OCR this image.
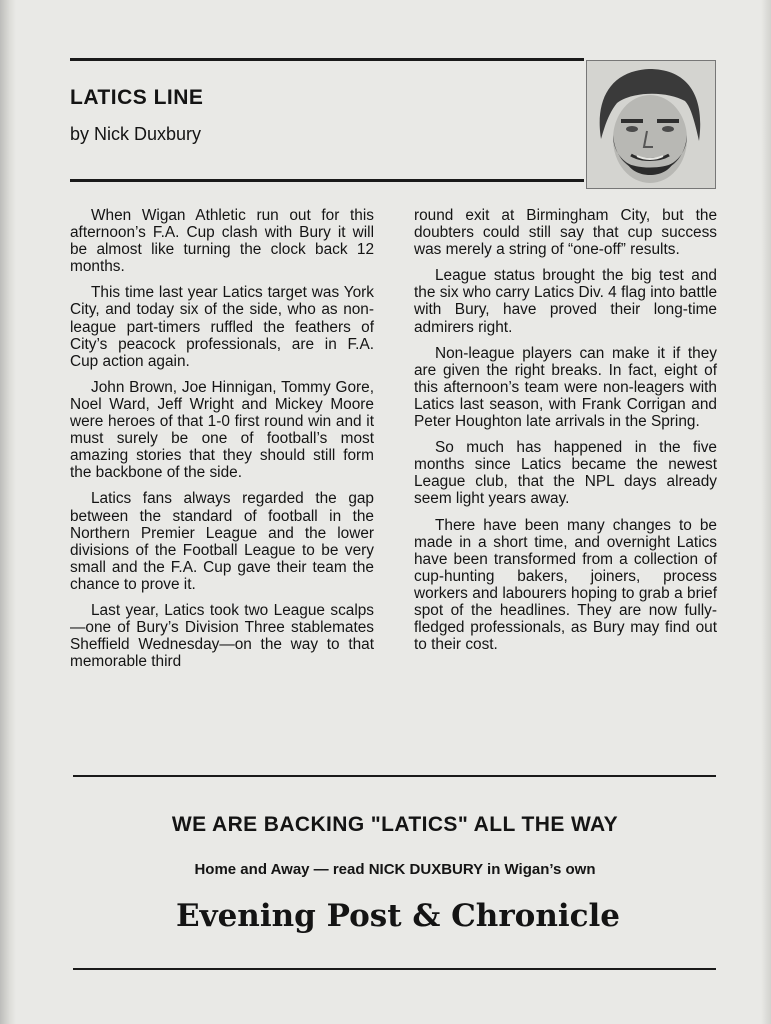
LATICS LINE

by Nick Duxbury

When Wigan Athletic run out for this afternoon’s F.A. Cup clash with Bury it will be almost like turning the clock back 12 months.

This time last year Latics target was York City, and today six of the side, who as non-league part-timers ruffled the feathers of City’s peacock professionals, are in F.A. Cup action again.

John Brown, Joe Hinnigan, Tommy Gore, Noel Ward, Jeff Wright and Mickey Moore were heroes of that 1-0 first round win and it must surely be one of football’s most amazing stories that they should still form the backbone of the side.

Latics fans always regarded the gap between the standard of football in the Northern Premier League and the lower divisions of the Football League to be very small and the F.A. Cup gave their team the chance to prove it.

Last year, Latics took two League scalps—one of Bury’s Division Three stablemates Sheffield Wednesday—on the way to that memorable third

round exit at Birmingham City, but the doubters could still say that cup success was merely a string of “one-off” results.

League status brought the big test and the six who carry Latics Div. 4 flag into battle with Bury, have proved their long-time admirers right.

Non-league players can make it if they are given the right breaks. In fact, eight of this afternoon’s team were non-leagers with Latics last season, with Frank Corrigan and Peter Houghton late arrivals in the Spring.

So much has happened in the five months since Latics became the newest League club, that the NPL days already seem light years away.

There have been many changes to be made in a short time, and overnight Latics have been transformed from a collection of cup-hunting bakers, joiners, process workers and labourers hoping to grab a brief spot of the headlines. They are now fully-fledged professionals, as Bury may find out to their cost.

WE ARE BACKING "LATICS" ALL THE WAY

Home and Away — read NICK DUXBURY in Wigan’s own

Evening Post & Chronicle
